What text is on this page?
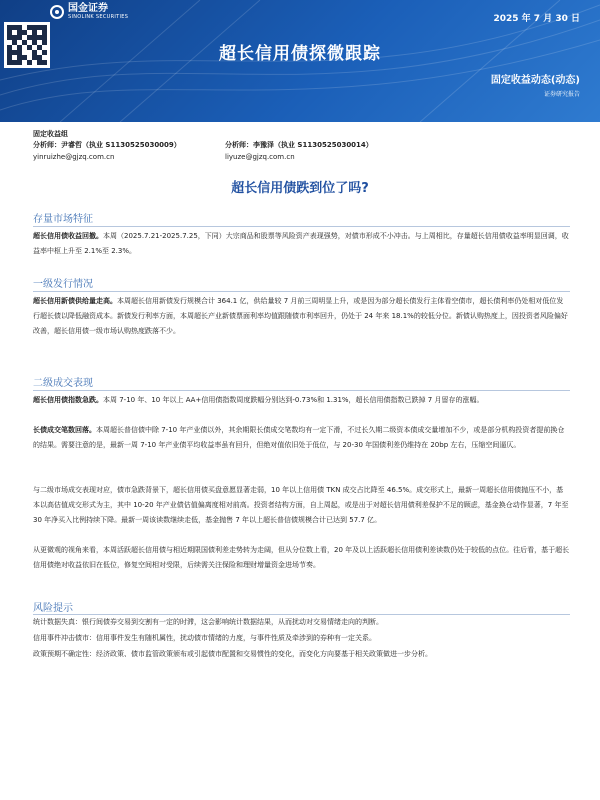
国金证券
SINOLINK SECURITIES	2025 年 7 月 30 日
超长信用债探微跟踪
固定收益动态(动态)
证券研究报告
固定收益组
分析师：尹睿哲（执业 S1130525030009）	分析师：李豫泽（执业 S1130525030014）
yinruizhe@gjzq.com.cn	liyuze@gjzq.com.cn
超长信用债跌到位了吗?
存量市场特征
超长信用债收益回撤。本周（2025.7.21-2025.7.25，下同）大宗商品和股票等风险资产表现强势，对债市形成不小冲击。与上周相比，存量超长信用债收益率明显回调，收益率中枢上升至 2.1%至 2.3%。
一级发行情况
超长信用新债供给量走高。本周超长信用新债发行规模合计 364.1 亿，供给量较 7 月前三周明显上升，或是因为部分超长债发行主体看空债市，超长债利率仍处相对低位发行超长债以降低融资成本。新债发行利率方面，本周超长产业新债票面利率均值跟随债市利率回升，仍处于 24 年来 18.1%的较低分位。新债认购热度上，因投资者风险偏好改善，超长信用债一级市场认购热度跌落不少。
二级成交表现
超长信用债指数急跌。本周 7-10 年、10 年以上 AA+信用债指数周度跌幅分别达到-0.73%和 1.31%，超长信用债指数已跌掉 7 月留存的涨幅。
长债成交笔数回落。本周超长普信债中除 7-10 年产业债以外，其余期限长债成交笔数均有一定下滑，不过长久期二级资本债成交量增加不少，或是部分机构投资者提前换仓的结果。需要注意的是，最新一周 7-10 年产业债平均收益率虽有回升，但绝对值依旧处于低位，与 20-30 年国债利差仍维持在 20bp 左右，压缩空间逼仄。
与二级市场成交表现对应，债市急跌背景下，超长信用债买盘意愿显著走弱，10 年以上信用债 TKN 成交占比降至 46.5%。成交形式上，最新一周超长信用债抛压不小，基本以高估值成交形式为主，其中 10-20 年产业债估值偏离度相对前高。投资者结构方面，自上周起，或是出于对超长信用债利差保护不足的顾虑，基金换仓动作显著，7 年至 30 年净买入比例持续下降。最新一周该读数继续走低，基金抛售 7 年以上超长普信债规模合计已达到 57.7 亿。
从更微观的视角来看，本周活跃超长信用债与相近期限国债利差走势转为走阔，但从分位数上看，20 年及以上活跃超长信用债利差读数仍处于较低的点位。往后看，基于超长信用债绝对收益依旧在低位，修复空间相对受限，后续需关注保险和理财增量资金进场节奏。
风险提示
统计数据失真：银行间债券交易到交割有一定的时滞，这会影响统计数据结果，从而扰动对交易情绪走向的判断。
信用事件冲击债市：信用事件发生有随机属性，扰动债市情绪的力度，与事件性质及牵涉到的券种有一定关系。
政策预期不确定性：经济政策、债市监管政策颁布或引起债市配置和交易惯性的变化，而变化方向要基于相关政策做进一步分析。
